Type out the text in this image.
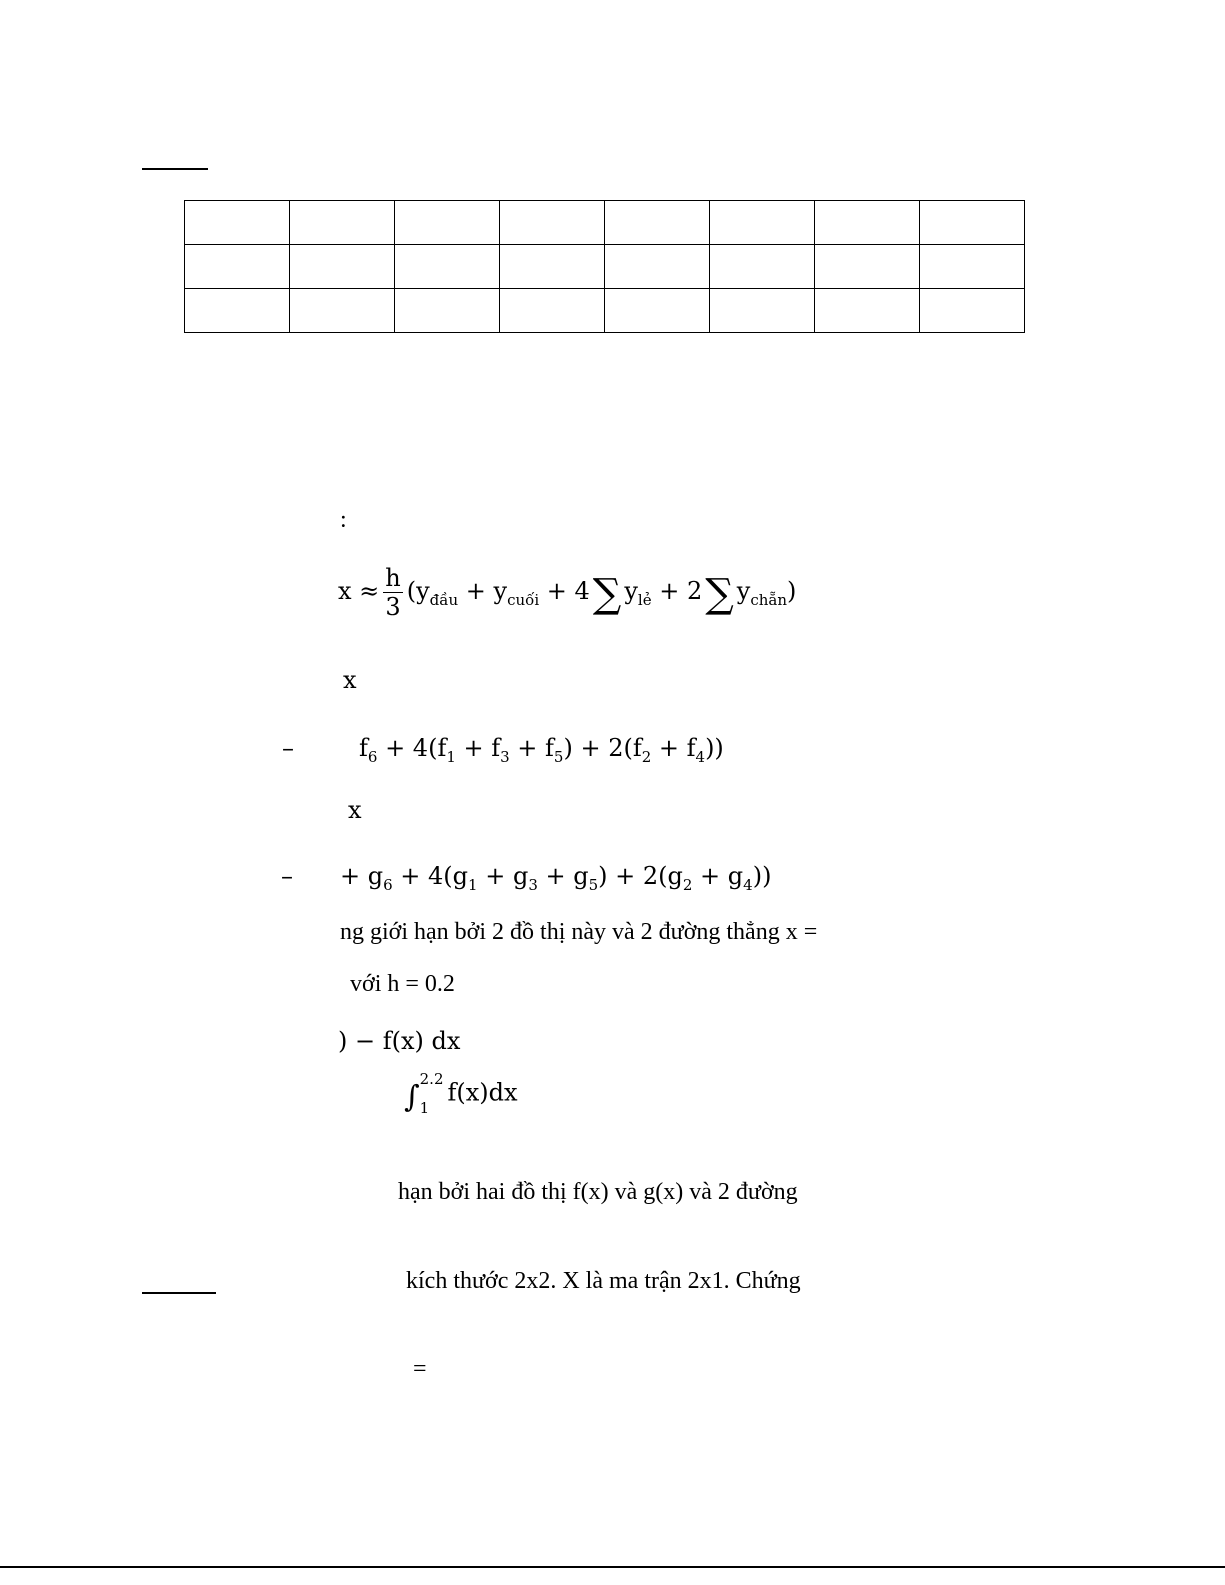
:
$x \approx \frac{h}{3} (y_{đầu} + y_{cuối} + 4\sum$ $y_{lẻ} + 2\sum$ $y_{chẵn}$)
x
–	$f_6 + 4(f_1 + f_3 + f_5) + 2(f_2 + f_4)$)
x
– + $g_6 + 4(g_1 + g_3 + g_5) + 2(g_2 + g_4)$)
ng giới hạn bởi 2 đồ thị này và 2 đường thẳng x =
với h = 0.2
) − f(x) dx
∫
2.2
1
f(x)dx
hạn bởi hai đồ thị f(x) và g(x) và 2 đường
kích thước 2x2. X là ma trận 2x1. Chứng
=
